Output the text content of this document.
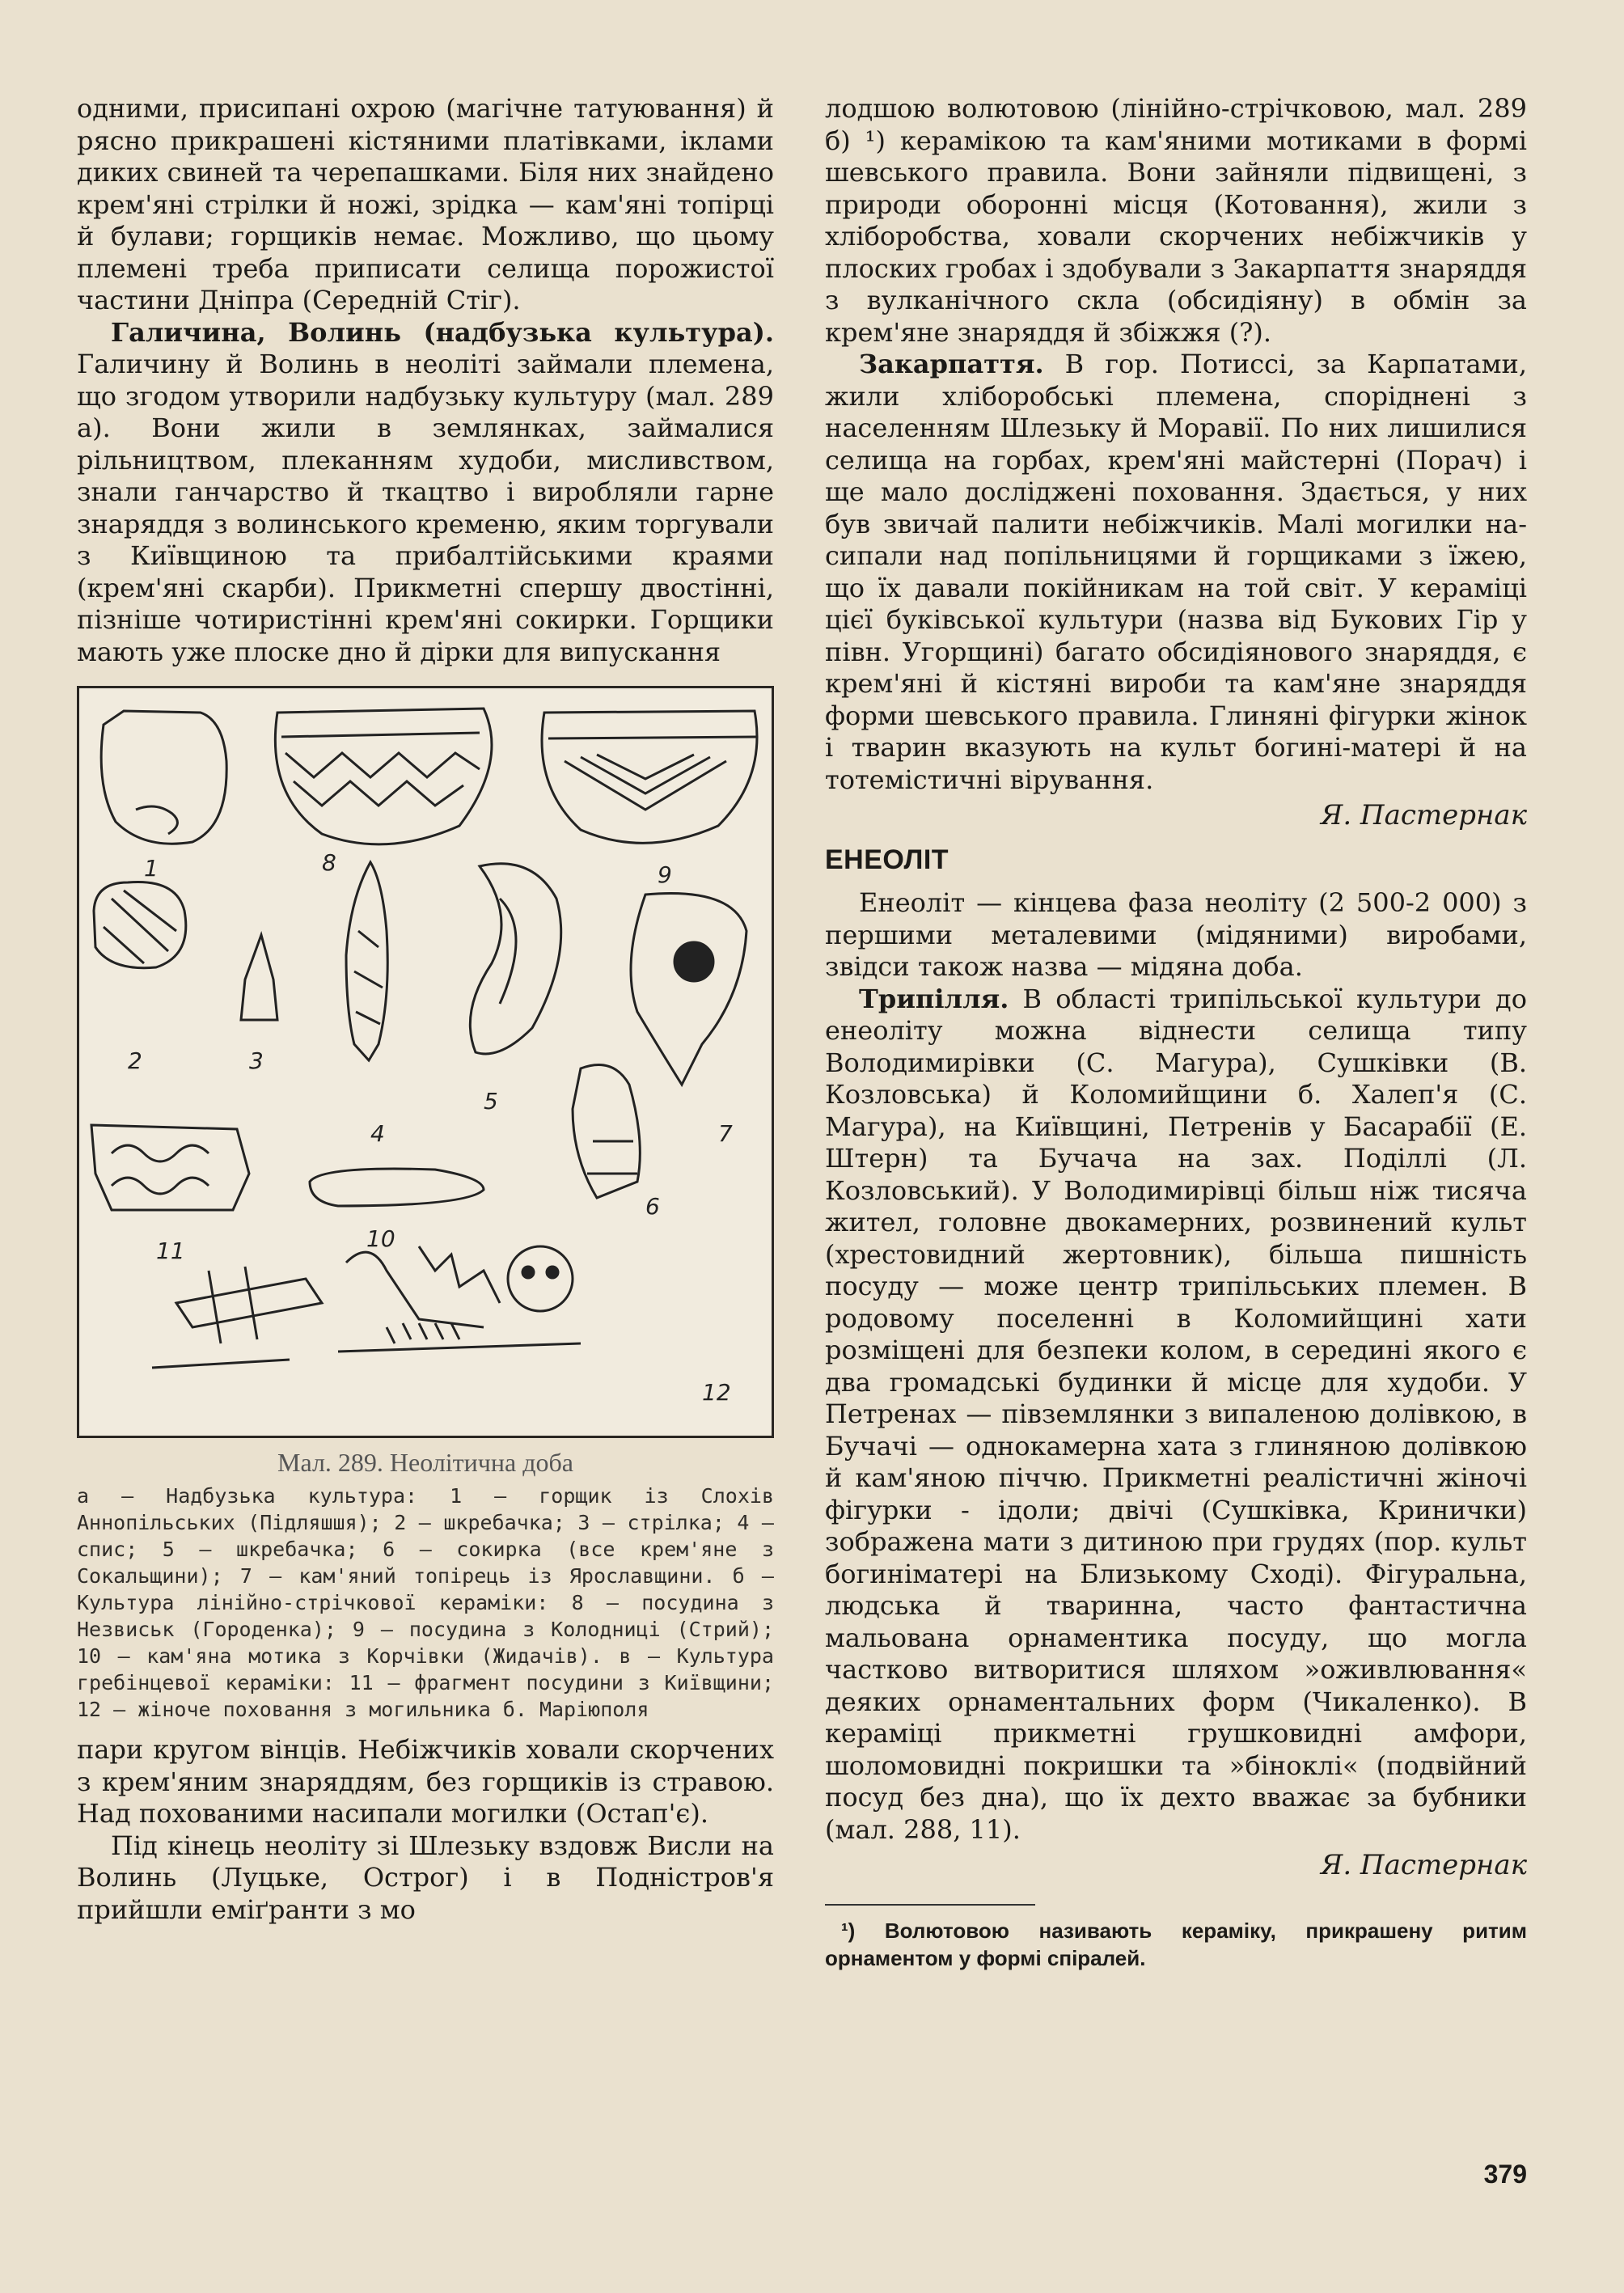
одними, присипані охрою (магічне татуювання) й рясно прикрашені кістяними платівками, іклами диких свиней та черепашками. Біля них знайдено крем'яні стрілки й ножі, зрідка — кам'яні топірці й булави; горщиків немає. Можливо, що цьому племені треба приписати селища порожистої частини Дніпра (Середній Стіг).

Галичина, Волинь (надбузька культура). Галичину й Волинь в неоліті займали племена, що згодом утворили надбузьку культуру (мал. 289 а). Вони жили в землянках, займалися рільництвом, плеканням худоби, мисливством, знали ганчарство й ткацтво і виробляли гарне знаряддя з волинського кременю, яким торгували з Київщиною та прибалтійськими краями (крем'яні скарби). Прикметні спершу двостінні, пізніше чотиристінні крем'яні сокирки. Горщики мають уже плоске дно й дірки для випускання

1
2	3
4
5
6
7
8	9
10
11
12
Мал. 289. Неолітична доба
а — Надбузька культура: 1 — горщик із Слохів Аннопільських (Підляшшя); 2 — шкребачка; 3 — стрілка; 4 — спис; 5 — шкребачка; 6 — сокирка (все крем'яне з Сокальщини); 7 — кам'яний топірець із Ярославщини. б — Культура лінійно-стрічкової кераміки: 8 — посудина з Незвиськ (Городенка); 9 — посудина з Колодниці (Стрий); 10 — кам'яна мотика з Корчівки (Жидачів). в — Культура гребінцевої кераміки: 11 — фрагмент посудини з Київщини; 12 — жіноче поховання з могильника б. Маріюполя

пари кругом вінців. Небіжчиків ховали скорчених з крем'яним знаряддям, без горщиків із стравою. Над похованими насипали могилки (Остап'є).

Під кінець неоліту зі Шлезьку вздовж Висли на Волинь (Луцьке, Острог) і в Подністров'я прийшли еміґранти з мо

лодшою волютовою (лінійно-стрічковою, мал. 289 б) ¹) керамікою та кам'яними мотиками в формі шевського правила. Вони зайняли підвищені, з природи оборонні місця (Котовання), жили з хліборобства, ховали скорчених небіжчиків у плоских гробах і здобували з Закарпаття знаряддя з вулканічного скла (обсидіяну) в обмін за крем'яне знаряддя й збіжжя (?).

Закарпаття. В гор. Потиссі, за Карпатами, жили хліборобські племена, споріднені з населенням Шлезьку й Моравії. По них лишилися селища на горбах, крем'яні майстерні (Порач) і ще мало досліджені поховання. Здається, у них був звичай палити небіжчиків. Малі могилки насипали над попільницями й горщиками з їжею, що їх давали покійникам на той світ. У кераміці цієї буківської культури (назва від Букових Гір у півн. Угорщині) багато обсидіянового знаряддя, є крем'яні й кістяні вироби та кам'яне знаряддя форми шевського правила. Глиняні фігурки жінок і тварин вказують на культ богині-матері й на тотемістичні вірування.

Я. Пастернак
ЕНЕОЛІТ

Енеоліт — кінцева фаза неоліту (2 500-2 000) з першими металевими (мідяними) виробами, звідси також назва — мідяна доба.

Трипілля. В області трипільської культури до енеоліту можна віднести селища типу Володимирівки (С. Магура), Сушківки (В. Козловська) й Коломийщини б. Халеп'я (С. Магура), на Київщині, Петренів у Басарабії (Е. Штерн) та Бучача на зах. Поділлі (Л. Козловський). У Володимирівці більш ніж тисяча жител, головне двокамерних, розвинений культ (хрестовидний жертовник), більша пишність посуду — може центр трипільських племен. В родовому поселенні в Коломийщині хати розміщені для безпеки колом, в середині якого є два громадські будинки й місце для худоби. У Петренах — півземлянки з випаленою долівкою, в Бучачі — однокамерна хата з глиняною долівкою й кам'яною піччю. Прикметні реалістичні жіночі фігурки - ідоли; двічі (Сушківка, Кринички) зображена мати з дитиною при грудях (пор. культ богиніматері на Близькому Сході). Фігуральна, людська й тваринна, часто фантастична мальована орнаментика посуду, що могла частково витворитися шляхом »оживлювання« деяких орнаментальних форм (Чикаленко). В кераміці прикметні грушковидні амфори, шоломовидні покришки та »біноклі« (подвійний посуд без дна), що їх дехто вважає за бубники (мал. 288, 11).

Я. Пастернак
¹) Волютовою називають кераміку, прикрашену ритим орнаментом у формі спіралей.
379
